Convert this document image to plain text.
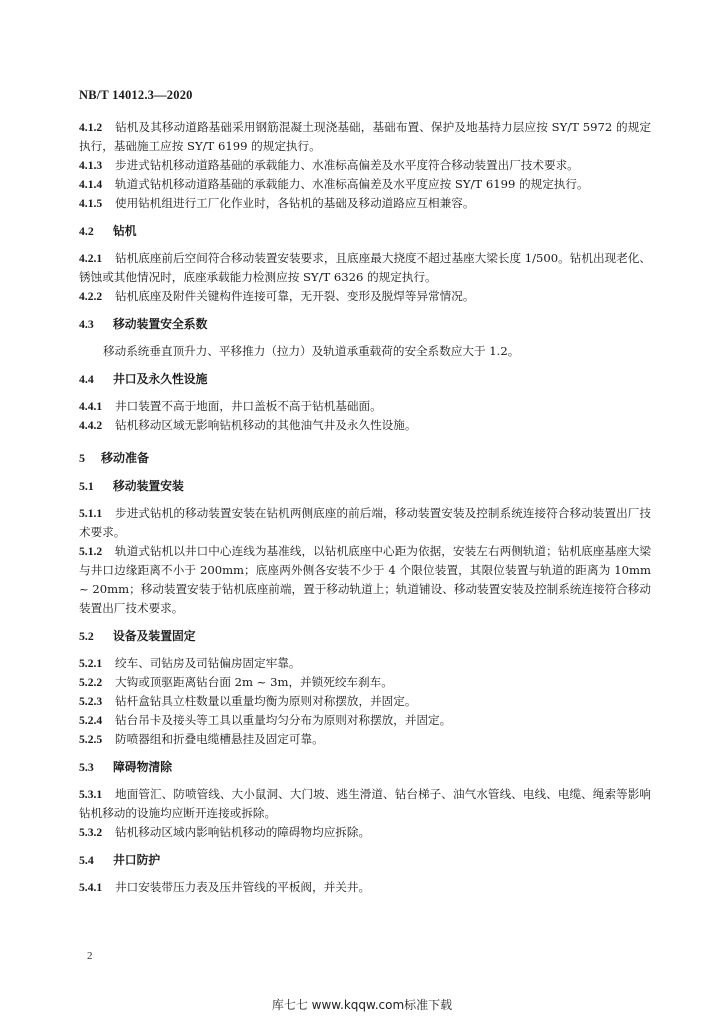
NB/T 14012.3—2020

4.1.2 钻机及其移动道路基础采用钢筋混凝土现浇基础，基础布置、保护及地基持力层应按 SY/T 5972 的规定执行，基础施工应按 SY/T 6199 的规定执行。

4.1.3 步进式钻机移动道路基础的承载能力、水准标高偏差及水平度符合移动装置出厂技术要求。

4.1.4 轨道式钻机移动道路基础的承载能力、水准标高偏差及水平度应按 SY/T 6199 的规定执行。

4.1.5 使用钻机组进行工厂化作业时，各钻机的基础及移动道路应互相兼容。

4.2 钻机

4.2.1 钻机底座前后空间符合移动装置安装要求，且底座最大挠度不超过基座大梁长度 1/500。钻机出现老化、锈蚀或其他情况时，底座承载能力检测应按 SY/T 6326 的规定执行。

4.2.2 钻机底座及附件关键构件连接可靠，无开裂、变形及脱焊等异常情况。

4.3 移动装置安全系数

移动系统垂直顶升力、平移推力（拉力）及轨道承重载荷的安全系数应大于 1.2。

4.4 井口及永久性设施

4.4.1 井口装置不高于地面，井口盖板不高于钻机基础面。

4.4.2 钻机移动区域无影响钻机移动的其他油气井及永久性设施。

5 移动准备
5.1 移动装置安装

5.1.1 步进式钻机的移动装置安装在钻机两侧底座的前后端，移动装置安装及控制系统连接符合移动装置出厂技术要求。

5.1.2 轨道式钻机以井口中心连线为基准线，以钻机底座中心距为依据，安装左右两侧轨道；钻机底座基座大梁与井口边缘距离不小于 200mm；底座两外侧各安装不少于 4 个限位装置，其限位装置与轨道的距离为 10mm ~ 20mm；移动装置安装于钻机底座前端，置于移动轨道上；轨道铺设、移动装置安装及控制系统连接符合移动装置出厂技术要求。

5.2 设备及装置固定

5.2.1 绞车、司钻房及司钻偏房固定牢靠。

5.2.2 大钩或顶驱距离钻台面 2m ~ 3m，并锁死绞车刹车。

5.2.3 钻杆盒钻具立柱数量以重量均衡为原则对称摆放，并固定。

5.2.4 钻台吊卡及接头等工具以重量均匀分布为原则对称摆放，并固定。

5.2.5 防喷器组和折叠电缆槽悬挂及固定可靠。

5.3 障碍物清除

5.3.1 地面管汇、防喷管线、大小鼠洞、大门坡、逃生滑道、钻台梯子、油气水管线、电线、电缆、绳索等影响钻机移动的设施均应断开连接或拆除。

5.3.2 钻机移动区域内影响钻机移动的障碍物均应拆除。

5.4 井口防护

5.4.1 井口安装带压力表及压井管线的平板阀，并关井。

2
库七七 www.kqqw.com标准下载
